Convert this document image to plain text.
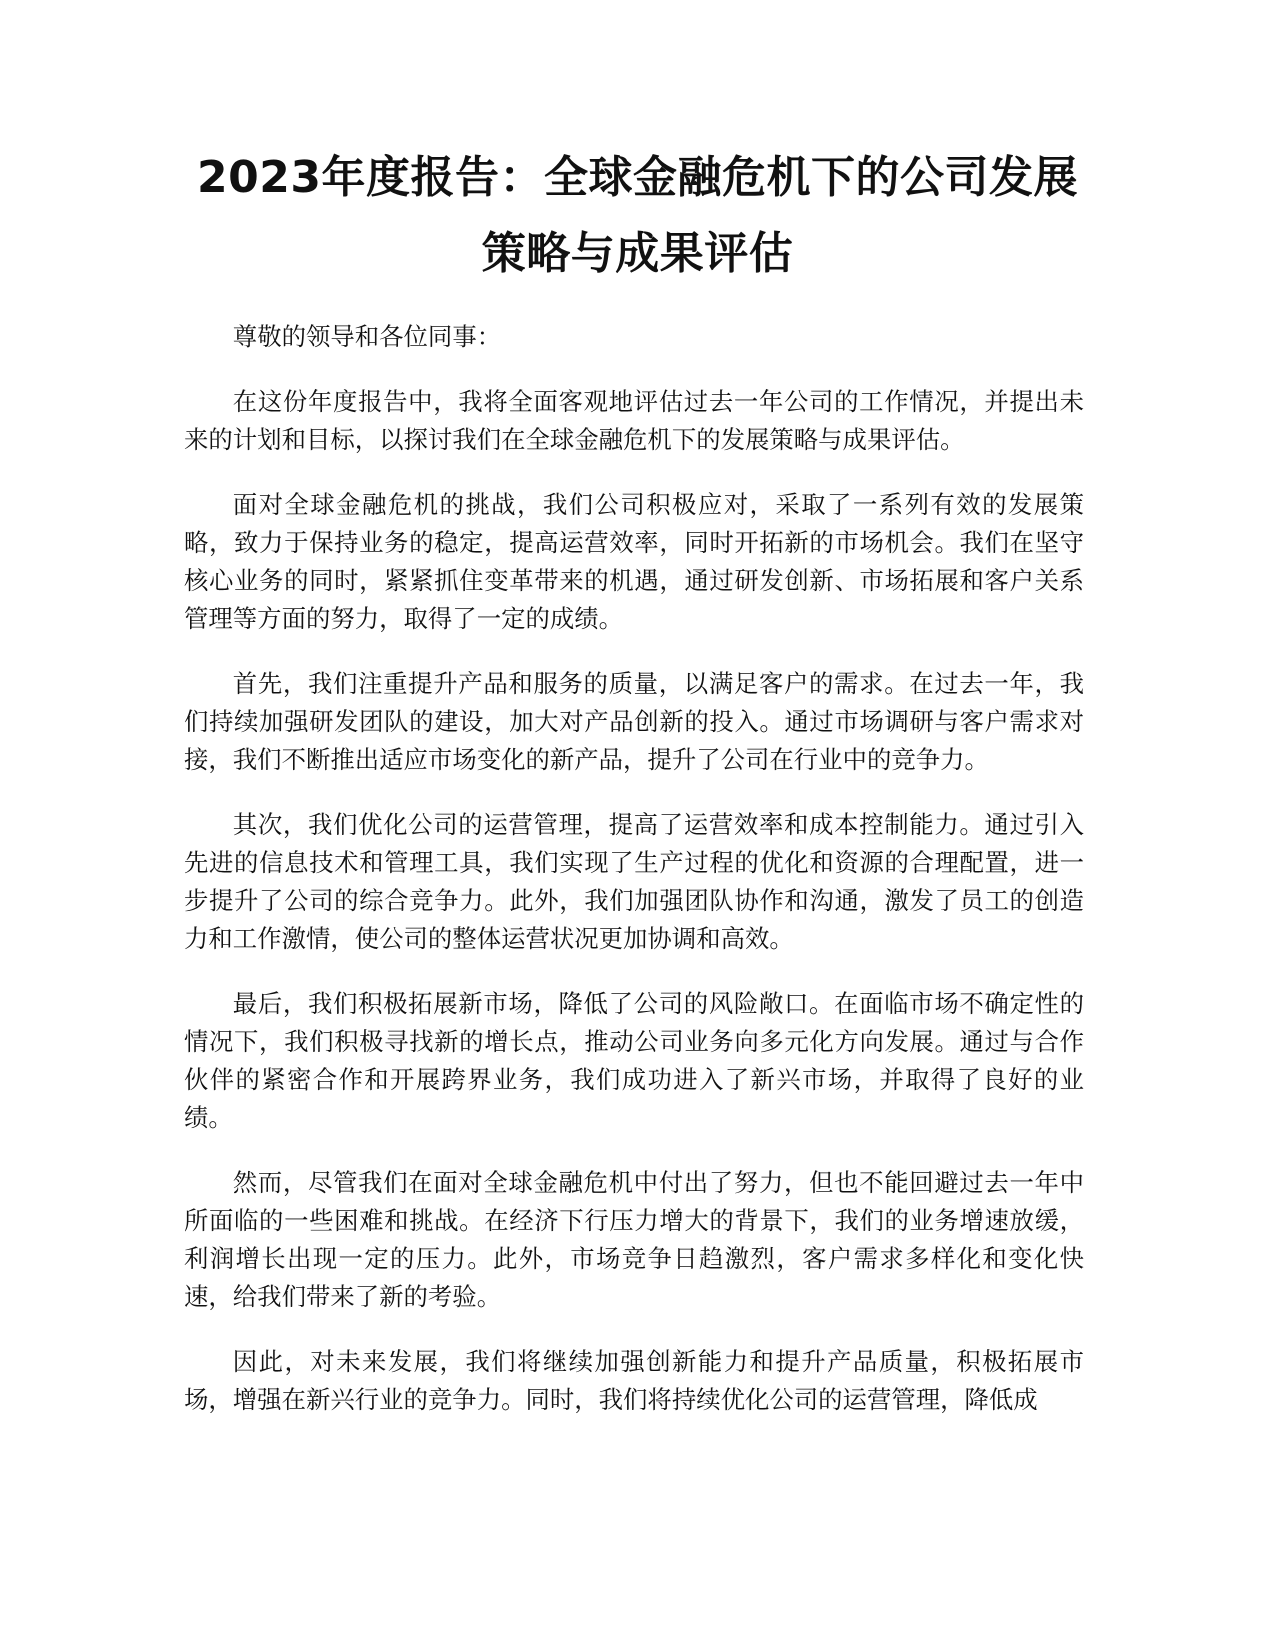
2023年度报告：全球金融危机下的公司发展
策略与成果评估

尊敬的领导和各位同事：

在这份年度报告中，我将全面客观地评估过去一年公司的工作情况，并提出未来的计划和目标，以探讨我们在全球金融危机下的发展策略与成果评估。

面对全球金融危机的挑战，我们公司积极应对，采取了一系列有效的发展策略，致力于保持业务的稳定，提高运营效率，同时开拓新的市场机会。我们在坚守核心业务的同时，紧紧抓住变革带来的机遇，通过研发创新、市场拓展和客户关系管理等方面的努力，取得了一定的成绩。

首先，我们注重提升产品和服务的质量，以满足客户的需求。在过去一年，我们持续加强研发团队的建设，加大对产品创新的投入。通过市场调研与客户需求对接，我们不断推出适应市场变化的新产品，提升了公司在行业中的竞争力。

其次，我们优化公司的运营管理，提高了运营效率和成本控制能力。通过引入先进的信息技术和管理工具，我们实现了生产过程的优化和资源的合理配置，进一步提升了公司的综合竞争力。此外，我们加强团队协作和沟通，激发了员工的创造力和工作激情，使公司的整体运营状况更加协调和高效。

最后，我们积极拓展新市场，降低了公司的风险敞口。在面临市场不确定性的情况下，我们积极寻找新的增长点，推动公司业务向多元化方向发展。通过与合作伙伴的紧密合作和开展跨界业务，我们成功进入了新兴市场，并取得了良好的业绩。

然而，尽管我们在面对全球金融危机中付出了努力，但也不能回避过去一年中所面临的一些困难和挑战。在经济下行压力增大的背景下，我们的业务增速放缓，利润增长出现一定的压力。此外，市场竞争日趋激烈，客户需求多样化和变化快速，给我们带来了新的考验。

因此，对未来发展，我们将继续加强创新能力和提升产品质量，积极拓展市场，增强在新兴行业的竞争力。同时，我们将持续优化公司的运营管理，降低成
